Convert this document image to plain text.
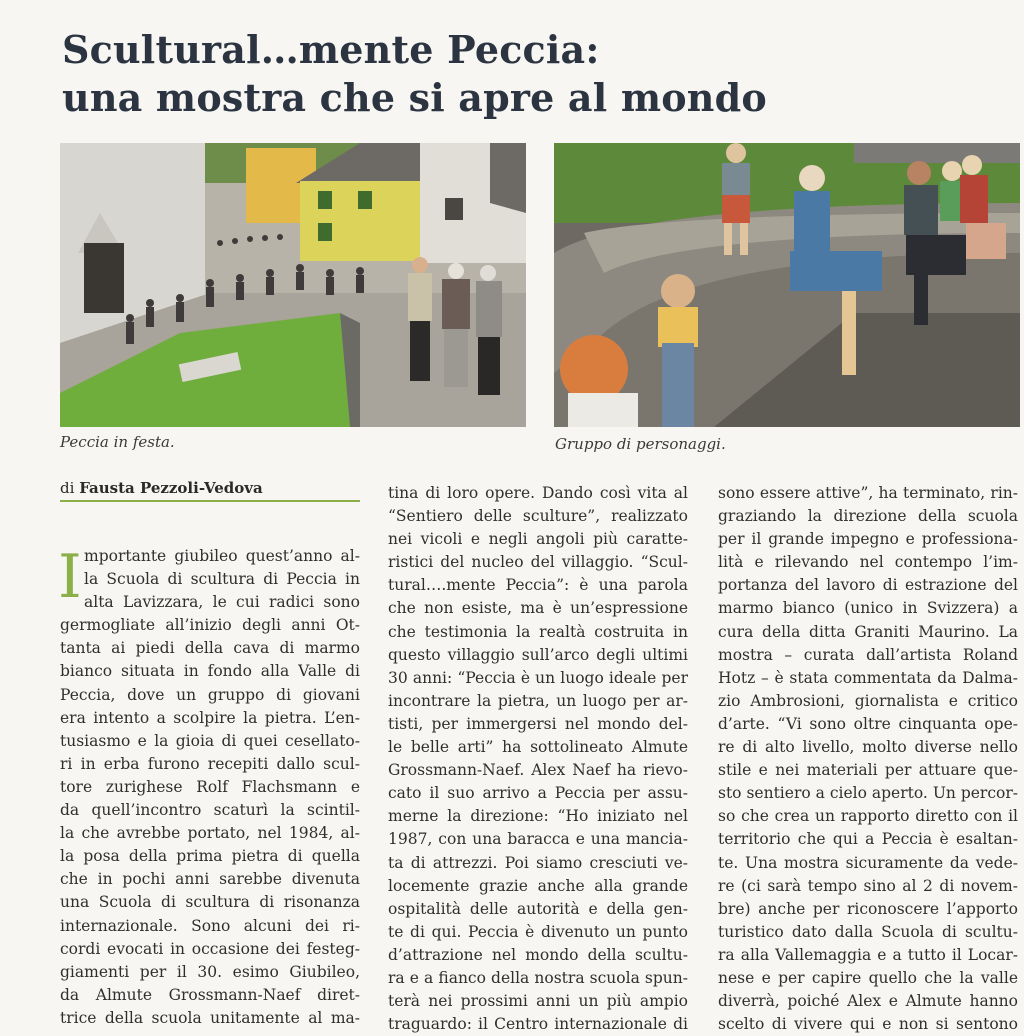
Scultural…mente Peccia:
una mostra che si apre al mondo
Peccia in festa.	Gruppo di personaggi.
di Fausta Pezzoli-Vedova
I mportante giubileo quest’anno al-
la Scuola di scultura di Peccia in
alta Lavizzara, le cui radici sono
germogliate all’inizio degli anni Ot-
tanta ai piedi della cava di marmo
bianco situata in fondo alla Valle di
Peccia, dove un gruppo di giovani
era intento a scolpire la pietra. L’en-
tusiasmo e la gioia di quei cesellato-
ri in erba furono recepiti dallo scul-
tore zurighese Rolf Flachsmann e
da quell’incontro scaturì la scintil-
la che avrebbe portato, nel 1984, al-
la posa della prima pietra di quella
che in pochi anni sarebbe divenuta
una Scuola di scultura di risonanza
internazionale. Sono alcuni dei ri-
cordi evocati in occasione dei festeg-
giamenti per il 30. esimo Giubileo,
da Almute Grossmann-Naef diret-
trice della scuola unitamente al ma-
tina di loro opere. Dando così vita al
“Sentiero delle sculture”, realizzato
nei vicoli e negli angoli più caratte-
ristici del nucleo del villaggio. “Scul-
tural….mente Peccia”: è una parola
che non esiste, ma è un’espressione
che testimonia la realtà costruita in
questo villaggio sull’arco degli ultimi
30 anni: “Peccia è un luogo ideale per
incontrare la pietra, un luogo per ar-
tisti, per immergersi nel mondo del-
le belle arti” ha sottolineato Almute
Grossmann-Naef. Alex Naef ha rievo-
cato il suo arrivo a Peccia per assu-
merne la direzione: “Ho iniziato nel
1987, con una baracca e una mancia-
ta di attrezzi. Poi siamo cresciuti ve-
locemente grazie anche alla grande
ospitalità delle autorità e della gen-
te di qui. Peccia è divenuto un punto
d’attrazione nel mondo della scultu-
ra e a fianco della nostra scuola spun-
terà nei prossimi anni un più ampio
traguardo: il Centro internazionale di
sono essere attive”, ha terminato, rin-
graziando la direzione della scuola
per il grande impegno e professiona-
lità e rilevando nel contempo l’im-
portanza del lavoro di estrazione del
marmo bianco (unico in Svizzera) a
cura della ditta Graniti Maurino. La
mostra – curata dall’artista Roland
Hotz – è stata commentata da Dalma-
zio Ambrosioni, giornalista e critico
d’arte. “Vi sono oltre cinquanta ope-
re di alto livello, molto diverse nello
stile e nei materiali per attuare que-
sto sentiero a cielo aperto. Un percor-
so che crea un rapporto diretto con il
territorio che qui a Peccia è esaltan-
te. Una mostra sicuramente da vede-
re (ci sarà tempo sino al 2 di novem-
bre) anche per riconoscere l’apporto
turistico dato dalla Scuola di scultu-
ra alla Vallemaggia e a tutto il Locar-
nese e per capire quello che la valle
diverrà, poiché Alex e Almute hanno
scelto di vivere qui e non si sentono
